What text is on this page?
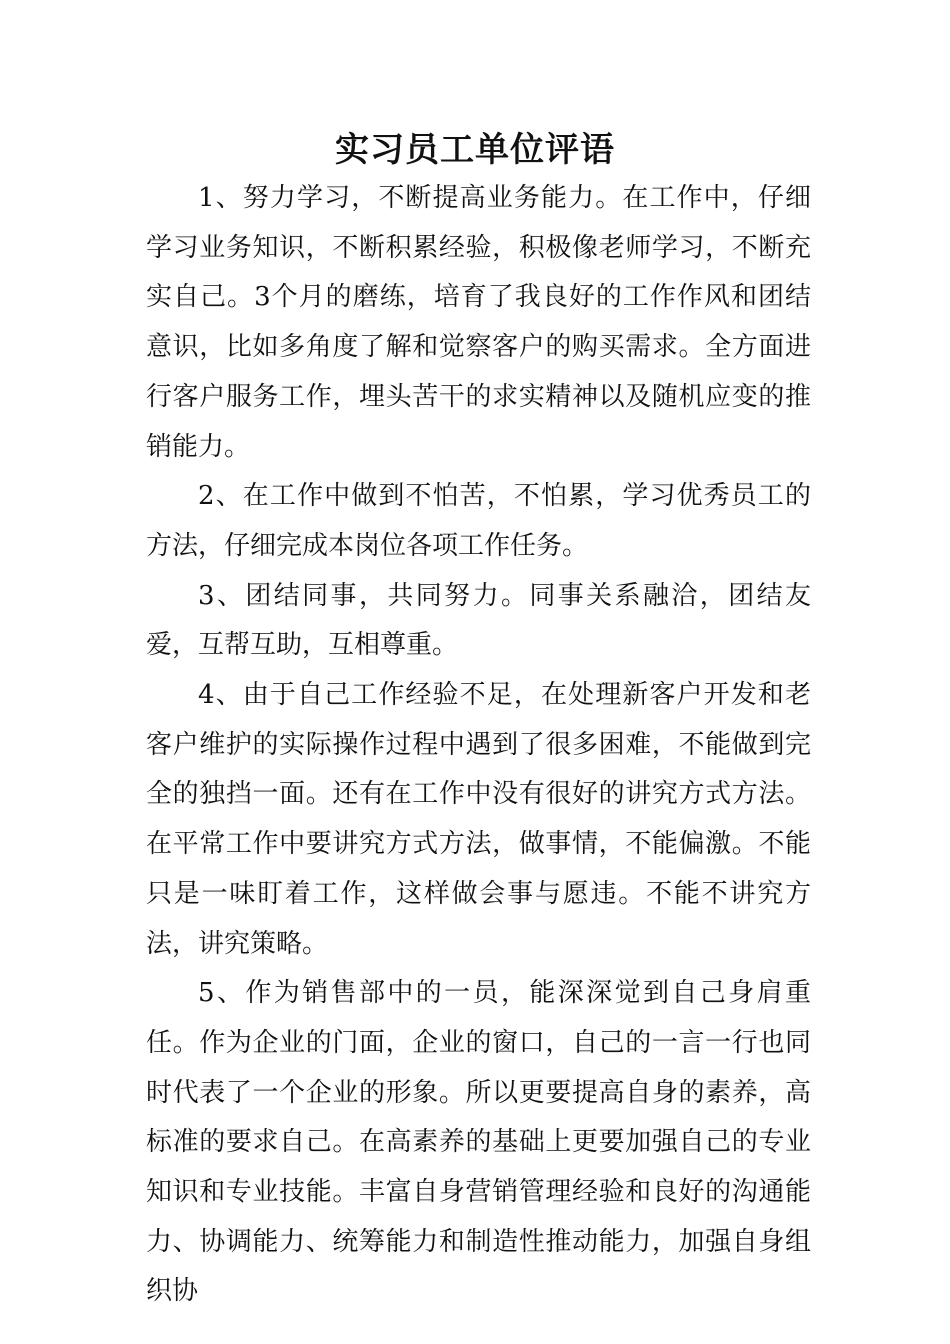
实习员工单位评语

1、努力学习，不断提高业务能力。在工作中，仔细学习业务知识，不断积累经验，积极像老师学习，不断充实自己。3个月的磨练，培育了我良好的工作作风和团结意识，比如多角度了解和觉察客户的购买需求。全方面进行客户服务工作，埋头苦干的求实精神以及随机应变的推销能力。

2、在工作中做到不怕苦，不怕累，学习优秀员工的方法，仔细完成本岗位各项工作任务。

3、团结同事，共同努力。同事关系融洽，团结友爱，互帮互助，互相尊重。

4、由于自己工作经验不足，在处理新客户开发和老客户维护的实际操作过程中遇到了很多困难，不能做到完全的独挡一面。还有在工作中没有很好的讲究方式方法。在平常工作中要讲究方式方法，做事情，不能偏激。不能只是一味盯着工作，这样做会事与愿违。不能不讲究方法，讲究策略。

5、作为销售部中的一员，能深深觉到自己身肩重任。作为企业的门面，企业的窗口，自己的一言一行也同时代表了一个企业的形象。所以更要提高自身的素养，高标准的要求自己。在高素养的基础上更要加强自己的专业知识和专业技能。丰富自身营销管理经验和良好的沟通能力、协调能力、统筹能力和制造性推动能力，加强自身组织协
